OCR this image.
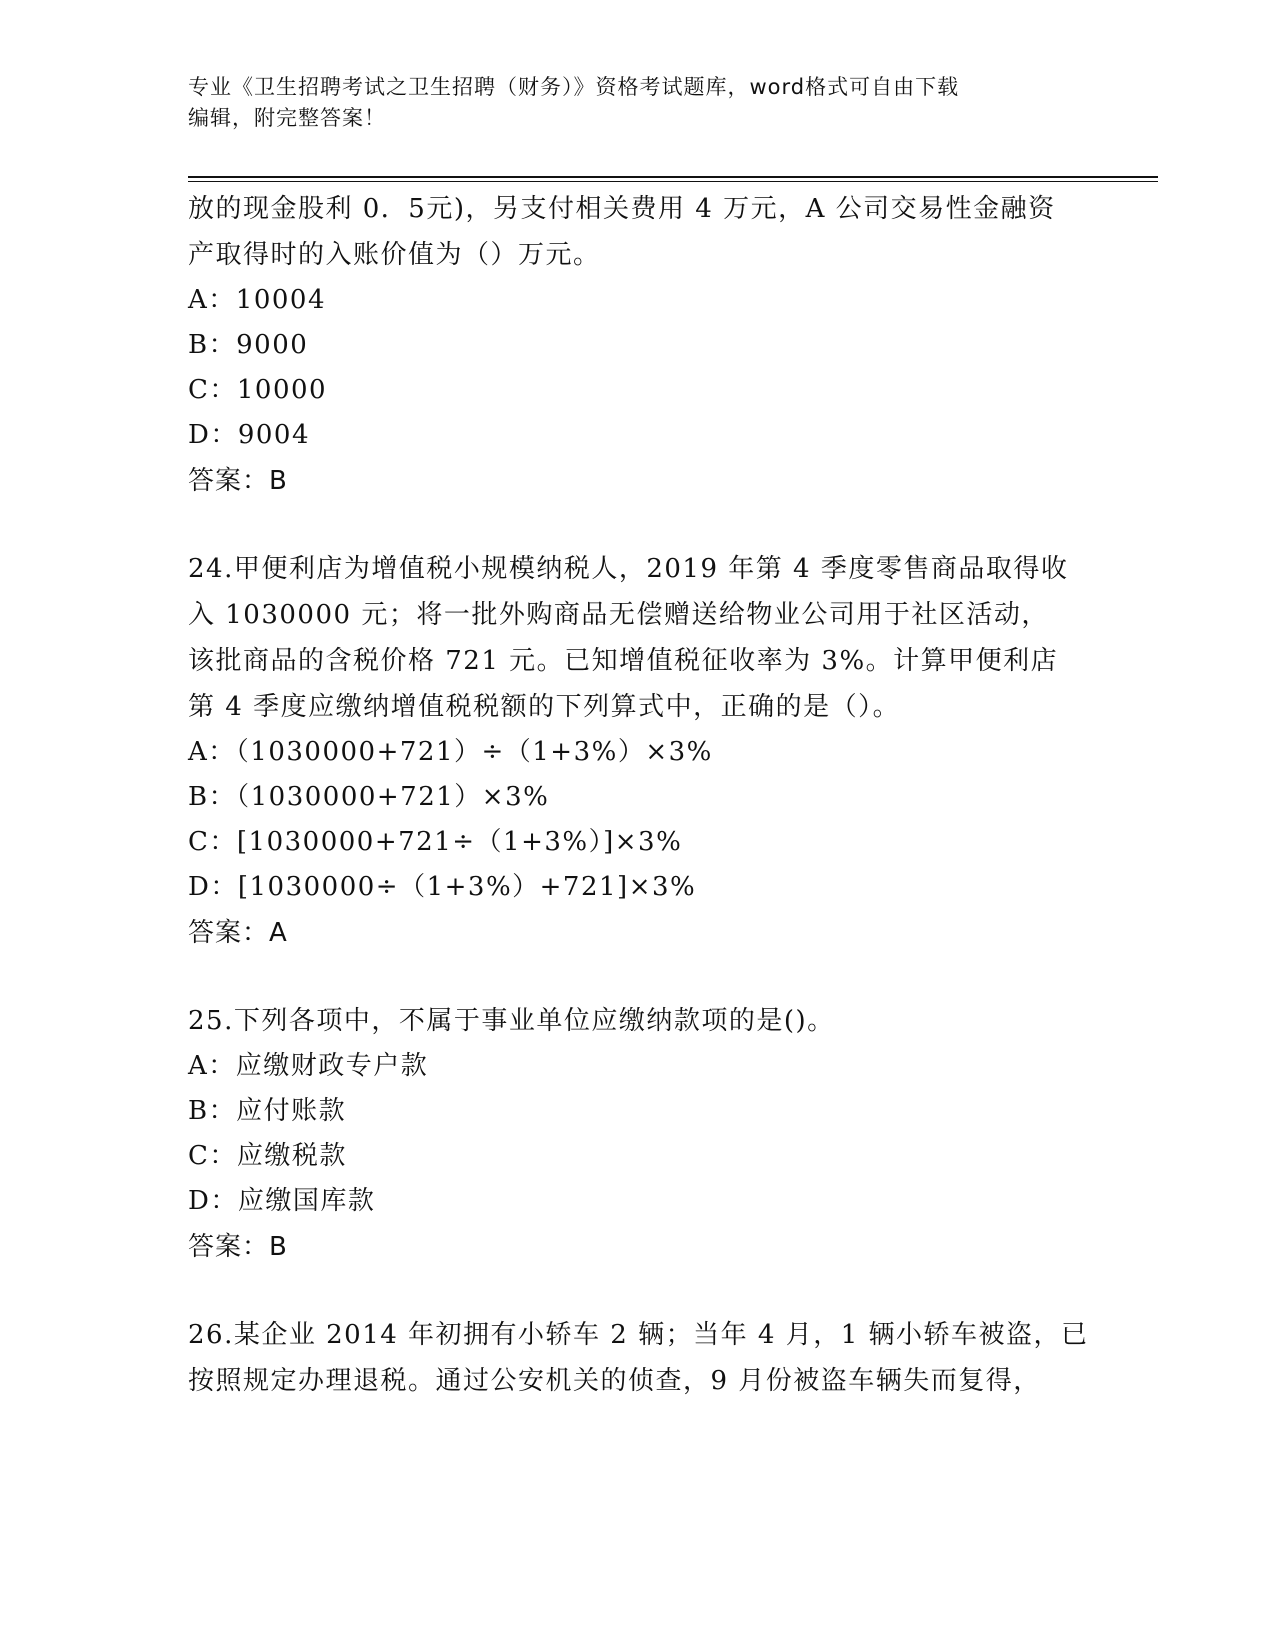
专业《卫生招聘考试之卫生招聘（财务）》资格考试题库，word格式可自由下载
编辑，附完整答案！
放的现金股利 0．5元)，另支付相关费用 4 万元，A 公司交易性金融资
产取得时的入账价值为（）万元。
A：10004
B：9000
C：10000
D：9004
答案：B
24.甲便利店为增值税小规模纳税人，2019 年第 4 季度零售商品取得收
入 1030000 元；将一批外购商品无偿赠送给物业公司用于社区活动，
该批商品的含税价格 721 元。已知增值税征收率为 3%。计算甲便利店
第 4 季度应缴纳增值税税额的下列算式中，正确的是（）。
A：（1030000+721）÷（1+3%）×3%
B：（1030000+721）×3%
C：[1030000+721÷（1+3%）]×3%
D：[1030000÷（1+3%）+721]×3%
答案：A
25.下列各项中，不属于事业单位应缴纳款项的是()。
A：应缴财政专户款
B：应付账款
C：应缴税款
D：应缴国库款
答案：B
26.某企业 2014 年初拥有小轿车 2 辆；当年 4 月，1 辆小轿车被盗，已
按照规定办理退税。通过公安机关的侦查，9 月份被盗车辆失而复得，
